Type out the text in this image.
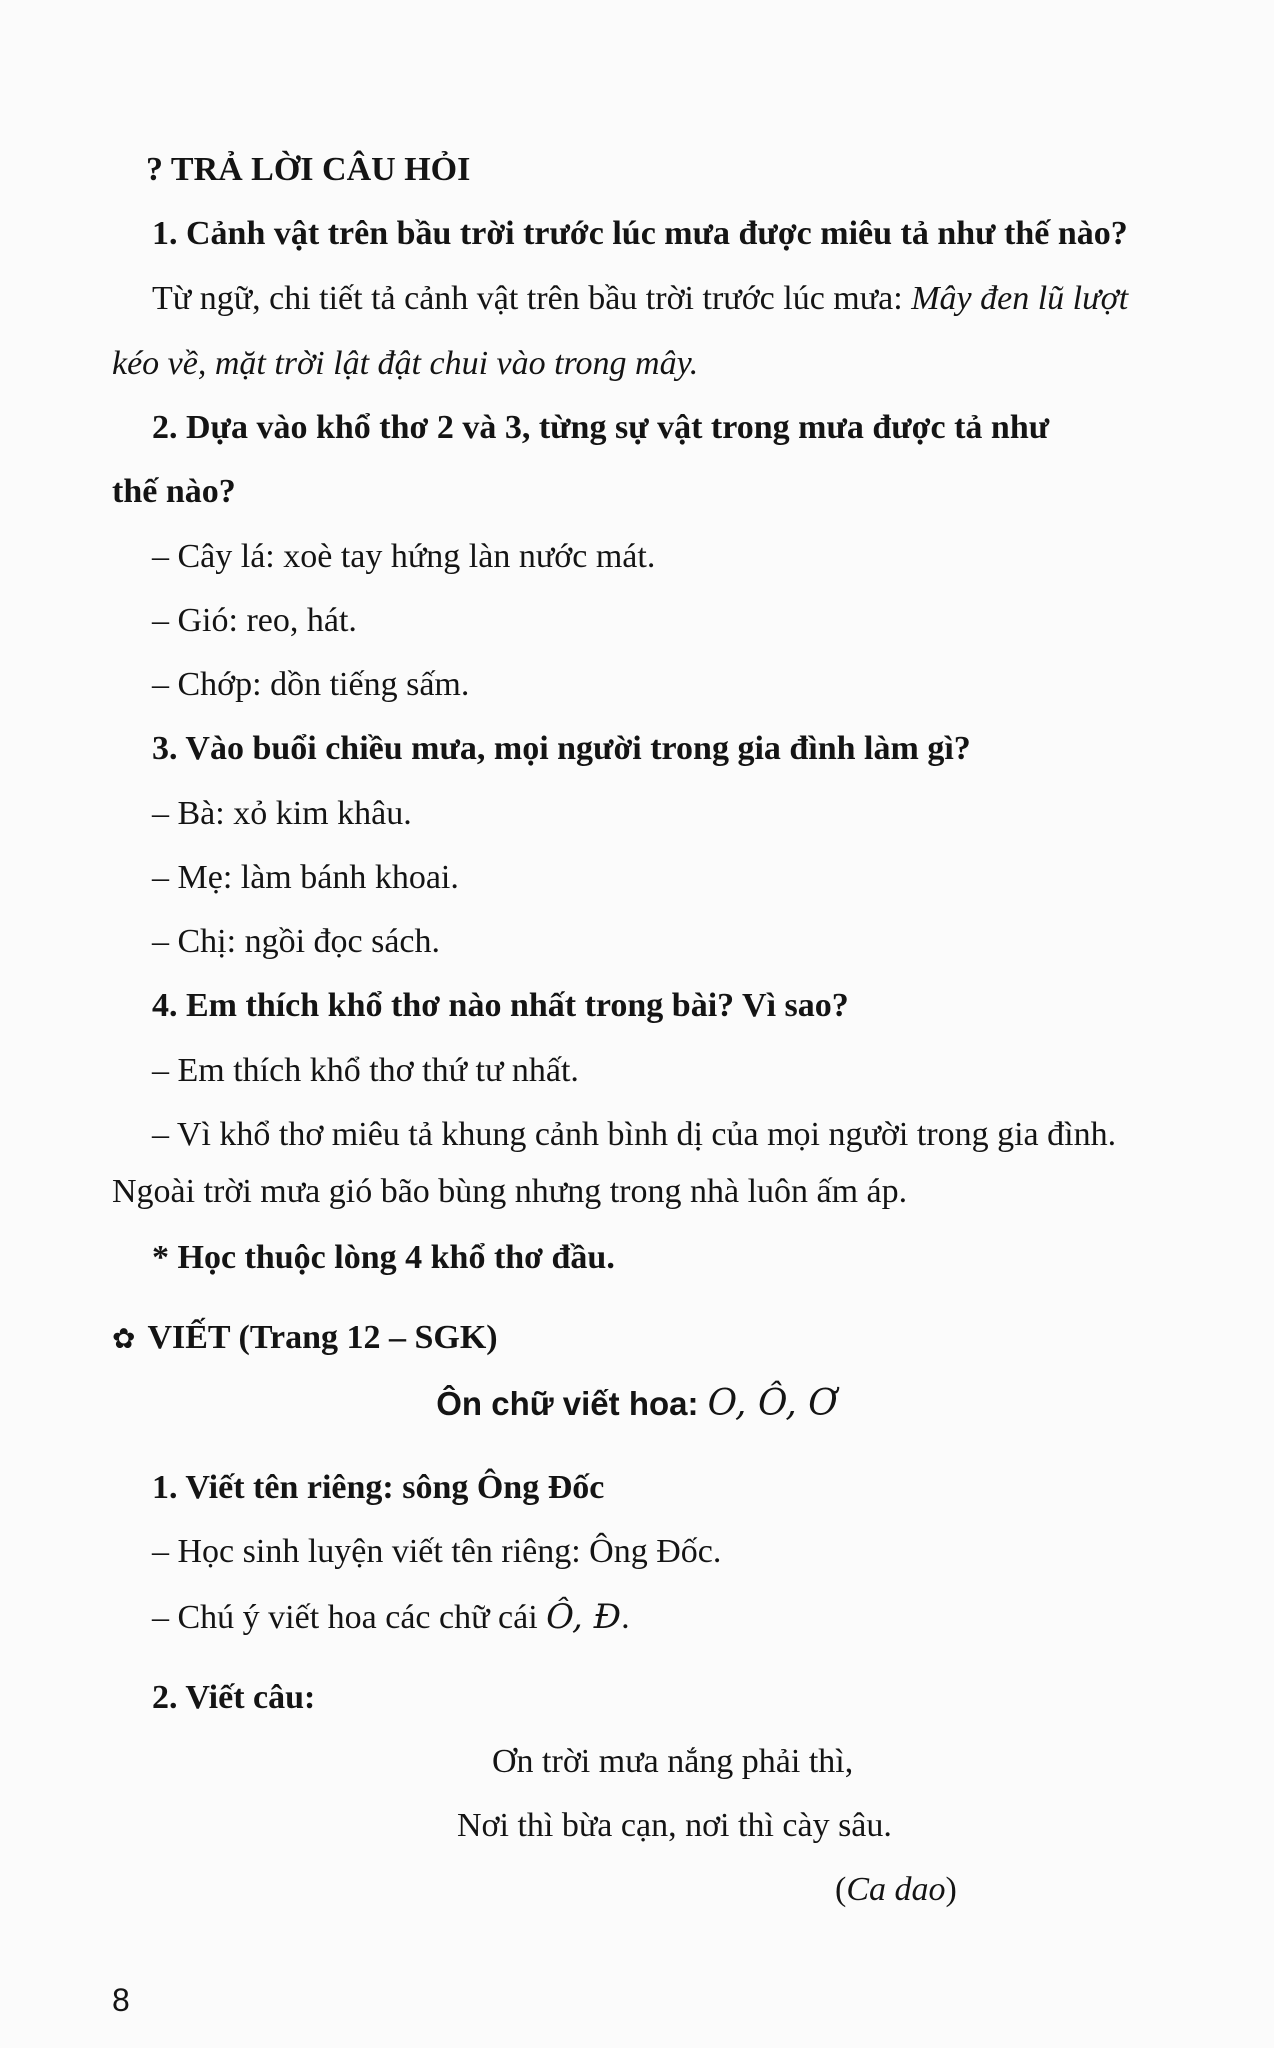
? TRẢ LỜI CÂU HỎI
1. Cảnh vật trên bầu trời trước lúc mưa được miêu tả như thế nào?
Từ ngữ, chi tiết tả cảnh vật trên bầu trời trước lúc mưa: Mây đen lũ lượt
kéo về, mặt trời lật đật chui vào trong mây.
2. Dựa vào khổ thơ 2 và 3, từng sự vật trong mưa được tả như
thế nào?
– Cây lá: xoè tay hứng làn nước mát.
– Gió: reo, hát.
– Chớp: dồn tiếng sấm.
3. Vào buổi chiều mưa, mọi người trong gia đình làm gì?
– Bà: xỏ kim khâu.
– Mẹ: làm bánh khoai.
– Chị: ngồi đọc sách.
4. Em thích khổ thơ nào nhất trong bài? Vì sao?
– Em thích khổ thơ thứ tư nhất.
– Vì khổ thơ miêu tả khung cảnh bình dị của mọi người trong gia đình.
Ngoài trời mưa gió bão bùng nhưng trong nhà luôn ấm áp.
* Học thuộc lòng 4 khổ thơ đầu.
✿ VIẾT (Trang 12 – SGK)
Ôn chữ viết hoa: O, Ô, Ơ
1. Viết tên riêng: sông Ông Đốc
– Học sinh luyện viết tên riêng: Ông Đốc.
– Chú ý viết hoa các chữ cái Ô, Đ.
2. Viết câu:
Ơn trời mưa nắng phải thì,
Nơi thì bừa cạn, nơi thì cày sâu.
(Ca dao)
8
